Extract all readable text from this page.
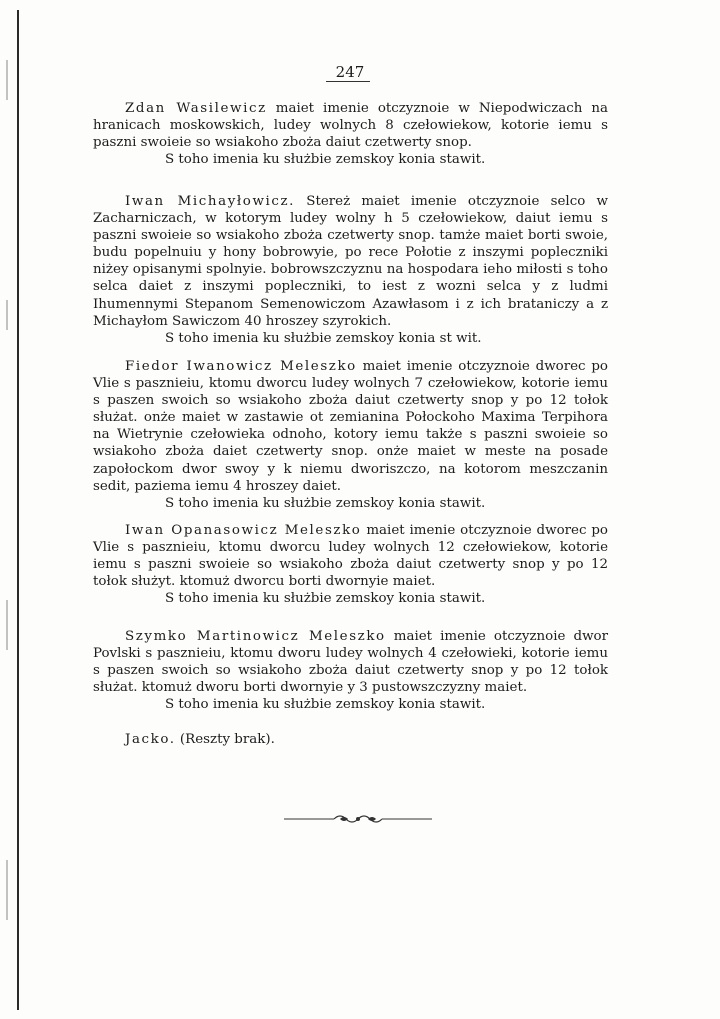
247

Zdan Wasilewicz maiet imenie otczyznoie w Niepodwiczach na hranicach moskowskich, ludey wolnych 8 czełowiekow, kotorie iemu s paszni swoieie so wsiakoho zboża daiut czetwerty snop.

S toho imenia ku służbie zemskoy konia stawit.

Iwan Michayłowicz. Stereż maiet imenie otczyznoie selco w Zacharniczach, w kotorym ludey wolny h 5 czełowiekow, daiut iemu s paszni swoieie so wsiakoho zboża czetwerty snop. tamże maiet borti swoie, budu popelnuiu y hony bobrowyie, po rece Połotie z inszymi popleczniki niżey opisanymi spolnyie. bobrowszczyznu na hospodara ieho miłosti s toho selca daiet z inszymi popleczniki, to iest z wozni selca y z ludmi Ihumennymi Stepanom Semenowiczom Azawłasom i z ich brataniczy a z Michayłom Sawiczom 40 hroszey szyrokich.

S toho imenia ku służbie zemskoy konia st wit.

Fiedor Iwanowicz Meleszko maiet imenie otczyznoie dworec po Vlie s pasznieiu, ktomu dworcu ludey wolnych 7 czełowiekow, kotorie iemu s paszen swoich so wsiakoho zboża daiut czetwerty snop y po 12 tołok służat. onże maiet w zastawie ot zemianina Połockoho Maxima Terpihora na Wietrynie czełowieka odnoho, kotory iemu także s paszni swoieie so wsiakoho zboża daiet czetwerty snop. onże maiet w meste na posade zapołockom dwor swoy y k niemu dworiszczo, na kotorom meszczanin sedit, paziema iemu 4 hroszey daiet.

S toho imenia ku służbie zemskoy konia stawit.

Iwan Opanasowicz Meleszko maiet imenie otczyznoie dworec po Vlie s pasznieiu, ktomu dworcu ludey wolnych 12 czełowiekow, kotorie iemu s paszni swoieie so wsiakoho zboża daiut czetwerty snop y po 12 tołok służyt. ktomuż dworcu borti dwornyie maiet.

S toho imenia ku służbie zemskoy konia stawit.

Szymko Martinowicz Meleszko maiet imenie otczyznoie dwor Povlski s pasznieiu, ktomu dworu ludey wolnych 4 czełowieki, kotorie iemu s paszen swoich so wsiakoho zboża daiut czetwerty snop y po 12 tołok służat. ktomuż dworu borti dwornyie y 3 pustowszczyzny maiet.

S toho imenia ku służbie zemskoy konia stawit.

Jacko. (Reszty brak).
